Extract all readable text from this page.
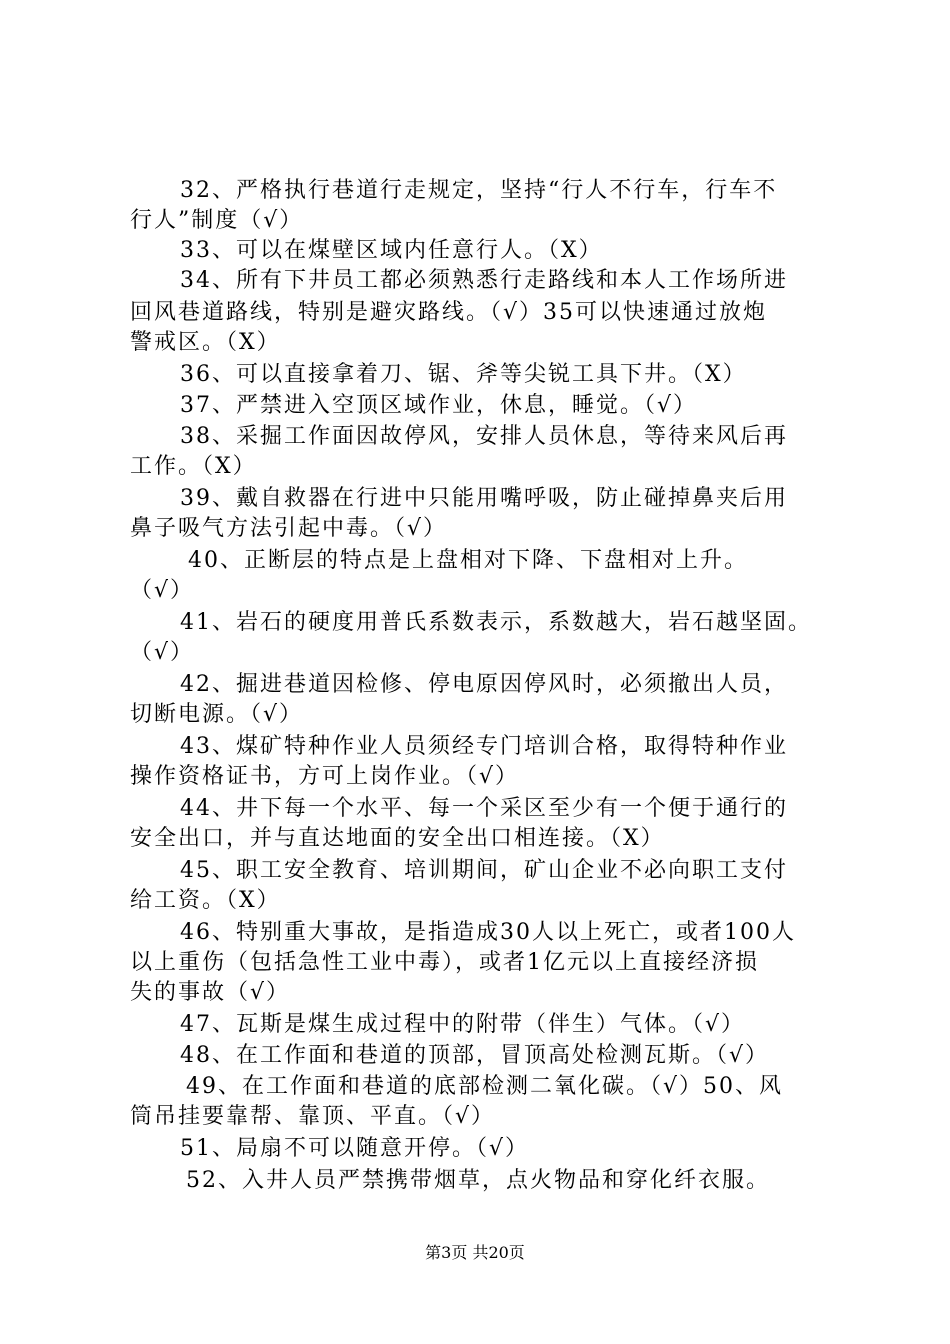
32、严格执行巷道行走规定，坚持“行人不行车，行车不
行人”制度（√）
33、可以在煤壁区域内任意行人。（X）
34、所有下井员工都必须熟悉行走路线和本人工作场所进
回风巷道路线，特别是避灾路线。（√）35可以快速通过放炮
警戒区。（X）
36、可以直接拿着刀、锯、斧等尖锐工具下井。（X）
37、严禁进入空顶区域作业，休息，睡觉。（√）
38、采掘工作面因故停风，安排人员休息，等待来风后再
工作。（X）
39、戴自救器在行进中只能用嘴呼吸，防止碰掉鼻夹后用
鼻子吸气方法引起中毒。（√）
40、正断层的特点是上盘相对下降、下盘相对上升。
（√）
41、岩石的硬度用普氏系数表示，系数越大，岩石越坚固。
（√）
42、掘进巷道因检修、停电原因停风时，必须撤出人员，
切断电源。（√）
43、煤矿特种作业人员须经专门培训合格，取得特种作业
操作资格证书，方可上岗作业。（√）
44、井下每一个水平、每一个采区至少有一个便于通行的
安全出口，并与直达地面的安全出口相连接。（X）
45、职工安全教育、培训期间，矿山企业不必向职工支付
给工资。（X）
46、特别重大事故，是指造成30人以上死亡，或者100人
以上重伤（包括急性工业中毒），或者1亿元以上直接经济损
失的事故（√）
47、瓦斯是煤生成过程中的附带（伴生）气体。（√）
48、在工作面和巷道的顶部，冒顶高处检测瓦斯。（√）
49、在工作面和巷道的底部检测二氧化碳。（√）50、风
筒吊挂要靠帮、靠顶、平直。（√）
51、局扇不可以随意开停。（√）
52、入井人员严禁携带烟草，点火物品和穿化纤衣服。
第3页 共20页
